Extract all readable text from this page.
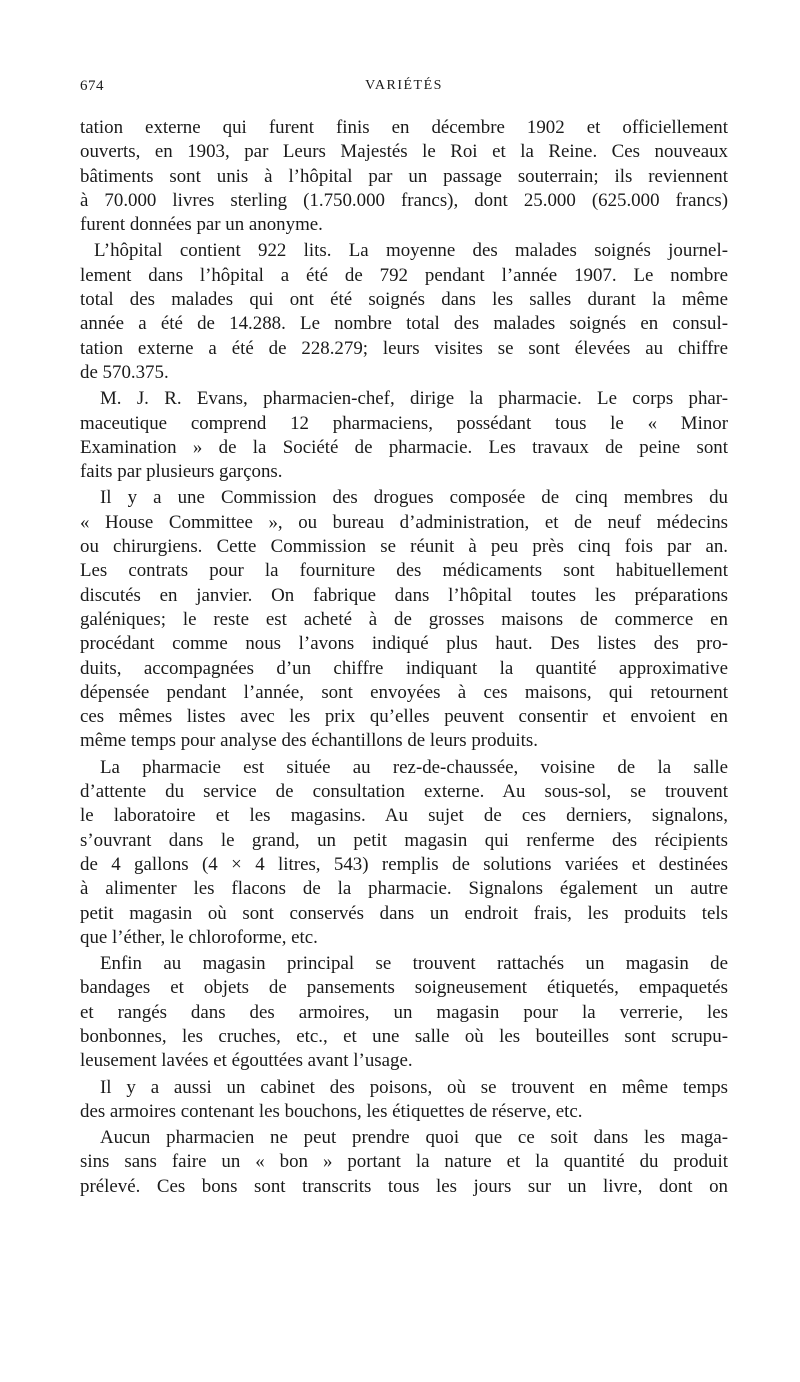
674	VARIÉTÉS
tation externe qui furent finis en décembre 1902 et officiellement
ouverts, en 1903, par Leurs Majestés le Roi et la Reine. Ces nouveaux
bâtiments sont unis à l’hôpital par un passage souterrain; ils reviennent
à 70.000 livres sterling (1.750.000 francs), dont 25.000 (625.000 francs)
furent données par un anonyme.
L’hôpital contient 922 lits. La moyenne des malades soignés journel-
lement dans l’hôpital a été de 792 pendant l’année 1907. Le nombre
total des malades qui ont été soignés dans les salles durant la même
année a été de 14.288. Le nombre total des malades soignés en consul-
tation externe a été de 228.279; leurs visites se sont élevées au chiffre
de 570.375.
M. J. R. Evans, pharmacien-chef, dirige la pharmacie. Le corps phar-
maceutique comprend 12 pharmaciens, possédant tous le « Minor
Examination » de la Société de pharmacie. Les travaux de peine sont
faits par plusieurs garçons.
Il y a une Commission des drogues composée de cinq membres du
« House Committee », ou bureau d’administration, et de neuf médecins
ou chirurgiens. Cette Commission se réunit à peu près cinq fois par an.
Les contrats pour la fourniture des médicaments sont habituellement
discutés en janvier. On fabrique dans l’hôpital toutes les préparations
galéniques; le reste est acheté à de grosses maisons de commerce en
procédant comme nous l’avons indiqué plus haut. Des listes des pro-
duits, accompagnées d’un chiffre indiquant la quantité approximative
dépensée pendant l’année, sont envoyées à ces maisons, qui retournent
ces mêmes listes avec les prix qu’elles peuvent consentir et envoient en
même temps pour analyse des échantillons de leurs produits.
La pharmacie est située au rez-de-chaussée, voisine de la salle
d’attente du service de consultation externe. Au sous-sol, se trouvent
le laboratoire et les magasins. Au sujet de ces derniers, signalons,
s’ouvrant dans le grand, un petit magasin qui renferme des récipients
de 4 gallons (4 × 4 litres, 543) remplis de solutions variées et destinées
à alimenter les flacons de la pharmacie. Signalons également un autre
petit magasin où sont conservés dans un endroit frais, les produits tels
que l’éther, le chloroforme, etc.
Enfin au magasin principal se trouvent rattachés un magasin de
bandages et objets de pansements soigneusement étiquetés, empaquetés
et rangés dans des armoires, un magasin pour la verrerie, les
bonbonnes, les cruches, etc., et une salle où les bouteilles sont scrupu-
leusement lavées et égouttées avant l’usage.
Il y a aussi un cabinet des poisons, où se trouvent en même temps
des armoires contenant les bouchons, les étiquettes de réserve, etc.
Aucun pharmacien ne peut prendre quoi que ce soit dans les maga-
sins sans faire un « bon » portant la nature et la quantité du produit
prélevé. Ces bons sont transcrits tous les jours sur un livre, dont on
